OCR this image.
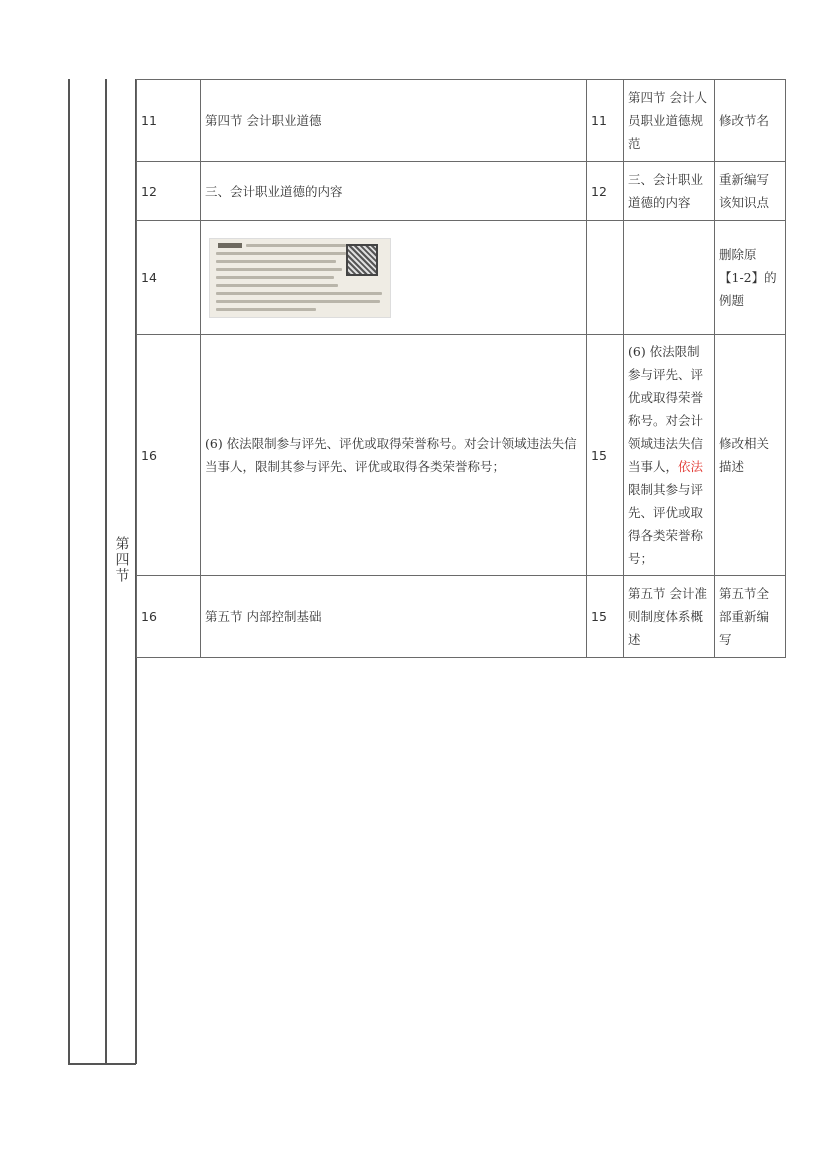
第四节
11	第四节 会计职业道德	11	第四节 会计人员职业道德规范	修改节名
12	三、会计职业道德的内容	12	三、会计职业道德的内容	重新编写该知识点
14				删除原【1-2】的例题
16	(6) 依法限制参与评先、评优或取得荣誉称号。对会计领域违法失信当事人，限制其参与评先、评优或取得各类荣誉称号；	15	(6) 依法限制参与评先、评优或取得荣誉称号。对会计领域违法失信当事人，依法限制其参与评先、评优或取得各类荣誉称号；	修改相关描述
16	第五节 内部控制基础	15	第五节 会计准则制度体系概述	第五节全部重新编写
